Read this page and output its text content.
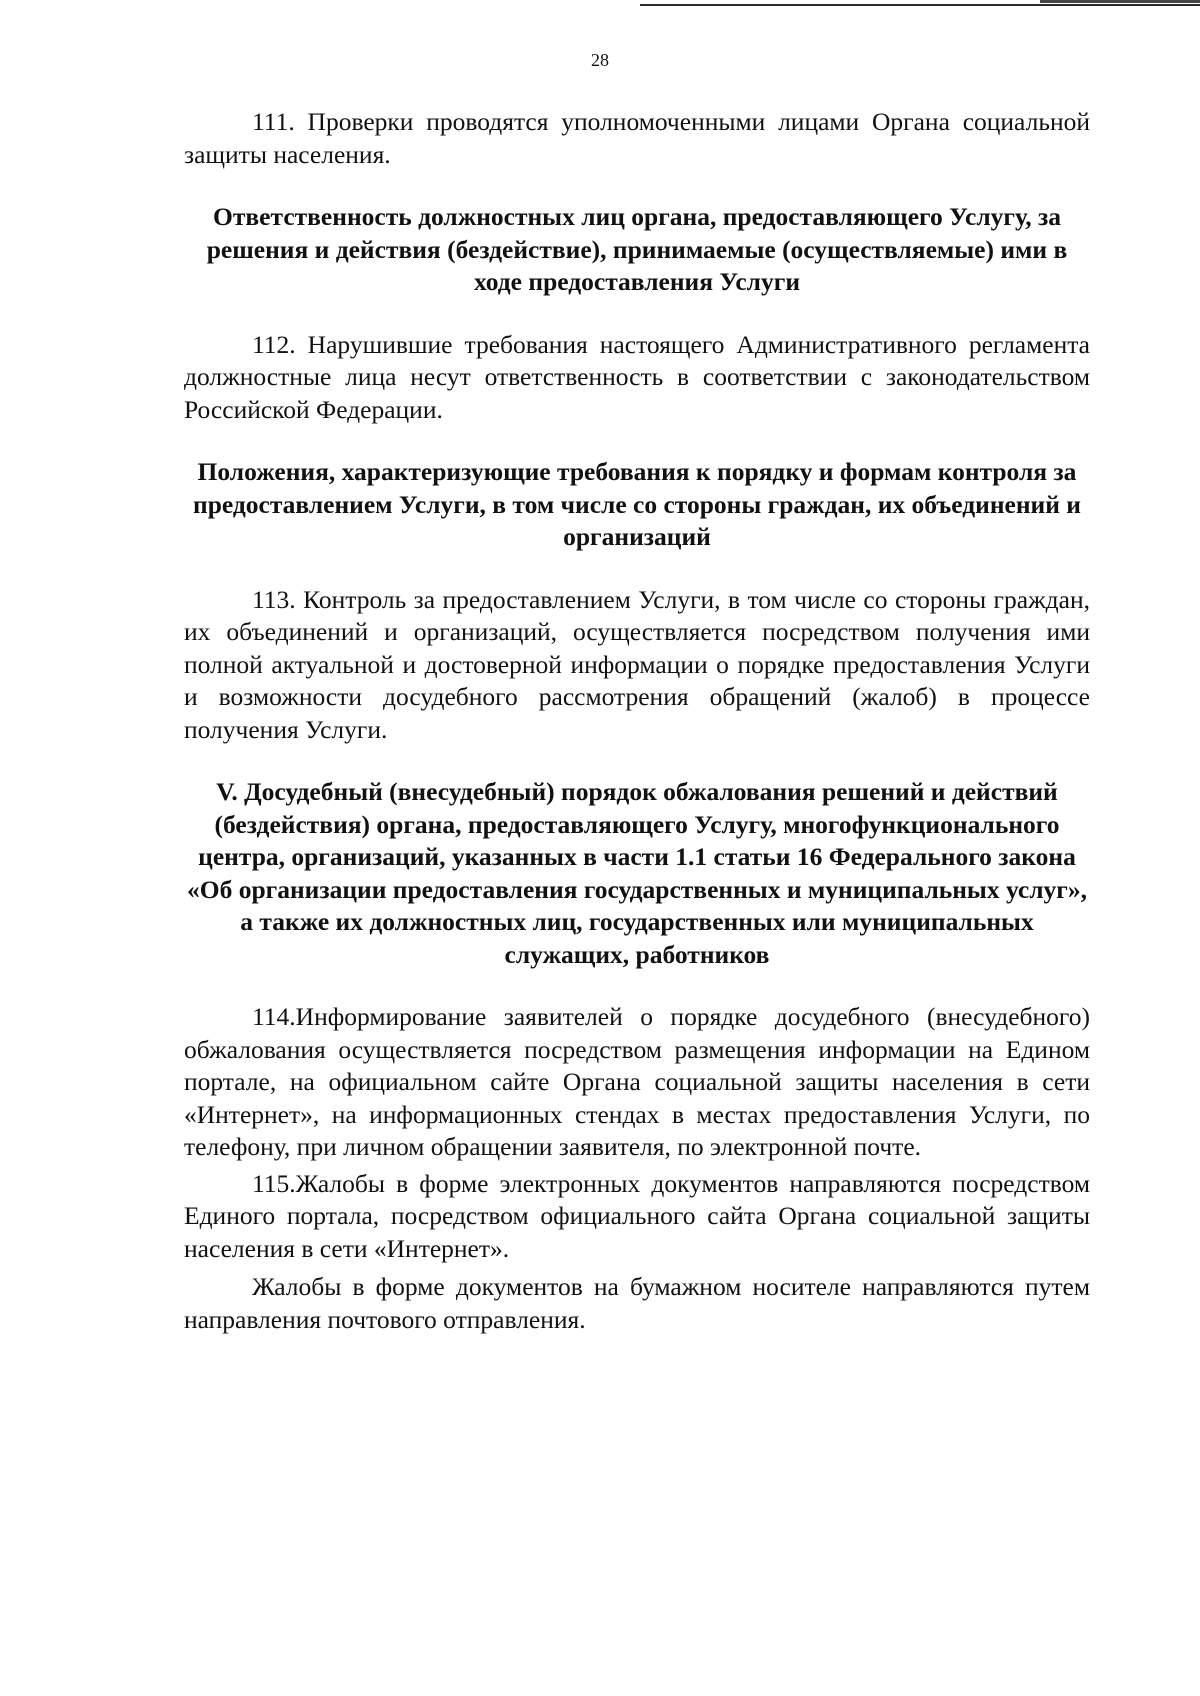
28

111. Проверки проводятся уполномоченными лицами Органа социальной защиты населения.

Ответственность должностных лиц органа, предоставляющего Услугу, за решения и действия (бездействие), принимаемые (осуществляемые) ими в ходе предоставления Услуги

112. Нарушившие требования настоящего Административного регламента должностные лица несут ответственность в соответствии с законодательством Российской Федерации.

Положения, характеризующие требования к порядку и формам контроля за предоставлением Услуги, в том числе со стороны граждан, их объединений и организаций

113. Контроль за предоставлением Услуги, в том числе со стороны граждан, их объединений и организаций, осуществляется посредством получения ими полной актуальной и достоверной информации о порядке предоставления Услуги и возможности досудебного рассмотрения обращений (жалоб) в процессе получения Услуги.

V. Досудебный (внесудебный) порядок обжалования решений и действий (бездействия) органа, предоставляющего Услугу, многофункционального центра, организаций, указанных в части 1.1 статьи 16 Федерального закона «Об организации предоставления государственных и муниципальных услуг», а также их должностных лиц, государственных или муниципальных служащих, работников

114.Информирование заявителей о порядке досудебного (внесудебного) обжалования осуществляется посредством размещения информации на Едином портале, на официальном сайте Органа социальной защиты населения в сети «Интернет», на информационных стендах в местах предоставления Услуги, по телефону, при личном обращении заявителя, по электронной почте.

115.Жалобы в форме электронных документов направляются посредством Единого портала, посредством официального сайта Органа социальной защиты населения в сети «Интернет».

Жалобы в форме документов на бумажном носителе направляются путем направления почтового отправления.
